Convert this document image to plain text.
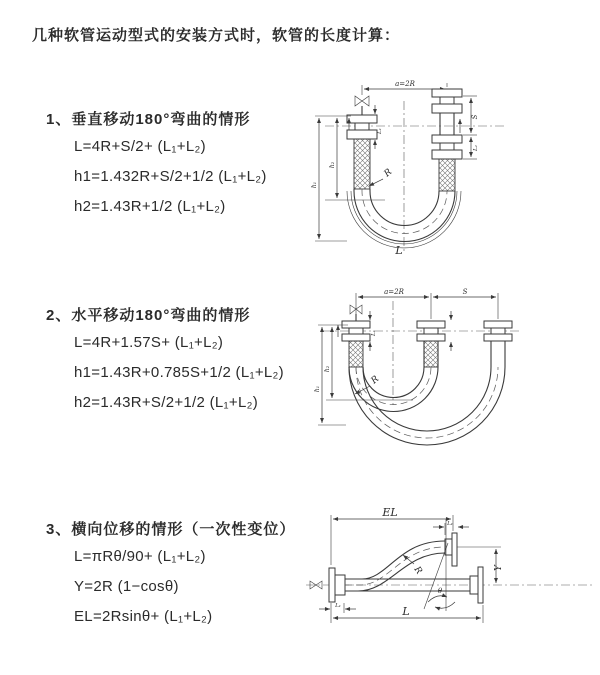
几种软管运动型式的安装方式时，软管的长度计算：
1、垂直移动180°弯曲的情形
L=4R+S/2+ (L₁+L₂)
h1=1.432R+S/2+1/2 (L₁+L₂)
h2=1.43R+1/2 (L₁+L₂)
a=2R
L₁
R
h₁
h₂
S
L₂
L
2、水平移动180°弯曲的情形
L=4R+1.57S+ (L₁+L₂)
h1=1.43R+0.785S+1/2 (L₁+L₂)
h2=1.43R+S/2+1/2 (L₁+L₂)
a=2R	S
L₁
R
h₁
h₂
3、横向位移的情形（一次性变位）
L=πRθ/90+ (L₁+L₂)
Y=2R (1−cosθ)
EL=2Rsinθ+ (L₁+L₂)
EL
L₁
Y
θ
R
L
L₁
